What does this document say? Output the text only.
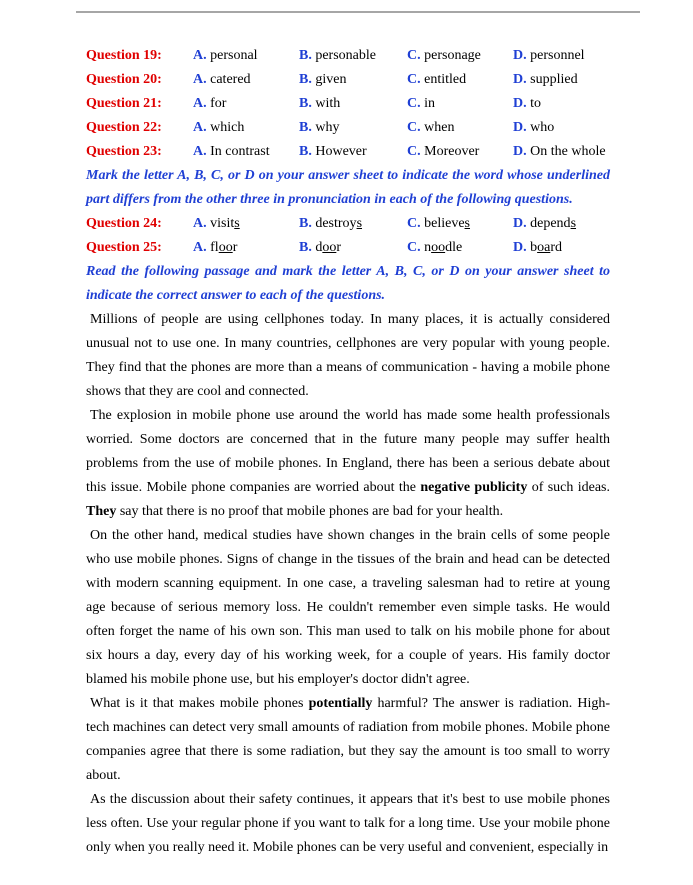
Question 19: A. personal	B. personable C. personage D. personnel
Question 20: A. catered	B. given	C. entitled	D. supplied
Question 21: A. for	B. with	C. in	D. to
Question 22: A. which	B. why	C. when	D. who
Question 23: A. In contrast B. However	C. Moreover D. On the whole
Mark the letter A, B, C, or D on your answer sheet to indicate the word whose underlined part differs from the other three in pronunciation in each of the following questions.
Question 24: A. visits	B. destroys	C. believes	D. depends
Question 25: A. floor	B. door	C. noodle	D. board
Read the following passage and mark the letter A, B, C, or D on your answer sheet to indicate the correct answer to each of the questions.
Millions of people are using cellphones today. In many places, it is actually considered unusual not to use one. In many countries, cellphones are very popular with young people. They find that the phones are more than a means of communication - having a mobile phone shows that they are cool and connected.
The explosion in mobile phone use around the world has made some health professionals worried. Some doctors are concerned that in the future many people may suffer health problems from the use of mobile phones. In England, there has been a serious debate about this issue. Mobile phone companies are worried about the negative publicity of such ideas. They say that there is no proof that mobile phones are bad for your health.
On the other hand, medical studies have shown changes in the brain cells of some people who use mobile phones. Signs of change in the tissues of the brain and head can be detected with modern scanning equipment. In one case, a traveling salesman had to retire at young age because of serious memory loss. He couldn't remember even simple tasks. He would often forget the name of his own son. This man used to talk on his mobile phone for about six hours a day, every day of his working week, for a couple of years. His family doctor blamed his mobile phone use, but his employer's doctor didn't agree.
What is it that makes mobile phones potentially harmful? The answer is radiation. High-tech machines can detect very small amounts of radiation from mobile phones. Mobile phone companies agree that there is some radiation, but they say the amount is too small to worry about.
As the discussion about their safety continues, it appears that it's best to use mobile phones less often. Use your regular phone if you want to talk for a long time. Use your mobile phone only when you really need it. Mobile phones can be very useful and convenient, especially in
